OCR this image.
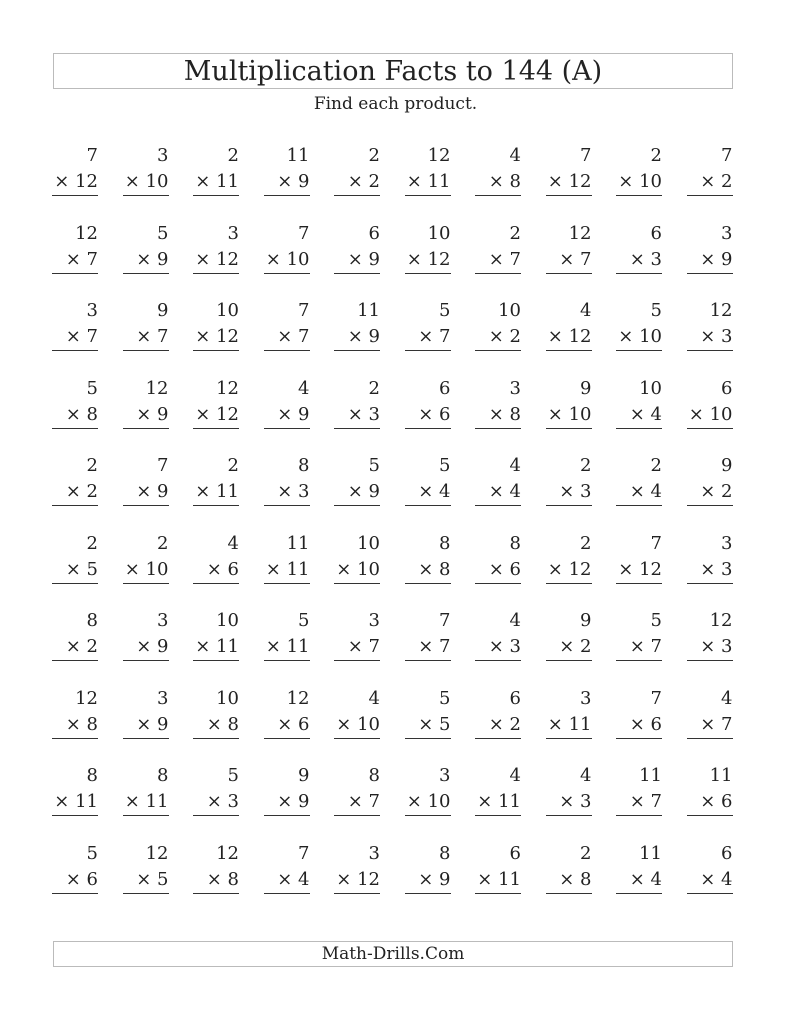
Multiplication Facts to 144 (A)
Find each product.
7
× 12
3
× 10
2
× 11
11
× 9
2
× 2
12
× 11
4
× 8
7
× 12
2
× 10
7
× 2
12
× 7
5
× 9
3
× 12
7
× 10
6
× 9
10
× 12
2
× 7
12
× 7
6
× 3
3
× 9
3
× 7
9
× 7
10
× 12
7
× 7
11
× 9
5
× 7
10
× 2
4
× 12
5
× 10
12
× 3
5
× 8
12
× 9
12
× 12
4
× 9
2
× 3
6
× 6
3
× 8
9
× 10
10
× 4
6
× 10
2
× 2
7
× 9
2
× 11
8
× 3
5
× 9
5
× 4
4
× 4
2
× 3
2
× 4
9
× 2
2
× 5
2
× 10
4
× 6
11
× 11
10
× 10
8
× 8
8
× 6
2
× 12
7
× 12
3
× 3
8
× 2
3
× 9
10
× 11
5
× 11
3
× 7
7
× 7
4
× 3
9
× 2
5
× 7
12
× 3
12
× 8
3
× 9
10
× 8
12
× 6
4
× 10
5
× 5
6
× 2
3
× 11
7
× 6
4
× 7
8
× 11
8
× 11
5
× 3
9
× 9
8
× 7
3
× 10
4
× 11
4
× 3
11
× 7
11
× 6
5
× 6
12
× 5
12
× 8
7
× 4
3
× 12
8
× 9
6
× 11
2
× 8
11
× 4
6
× 4
Math-Drills.Com
